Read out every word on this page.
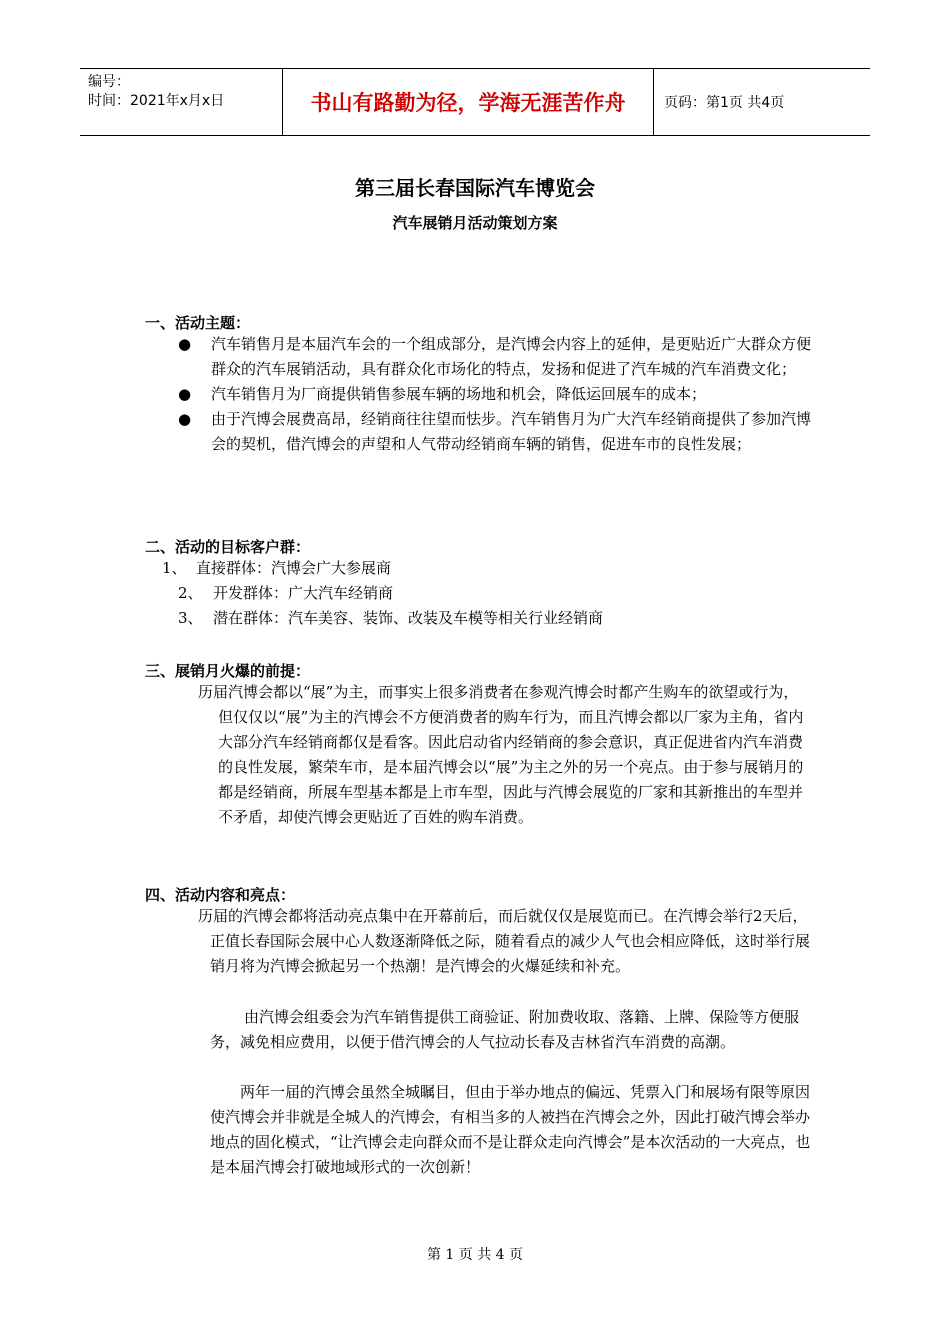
编号：
时间：2021年x月x日	书山有路勤为径，学海无涯苦作舟	页码：第1页 共4页
第三届长春国际汽车博览会
汽车展销月活动策划方案
一、活动主题：
●	汽车销售月是本届汽车会的一个组成部分，是汽博会内容上的延伸，是更贴近广大群众方便群众的汽车展销活动，具有群众化市场化的特点，发扬和促进了汽车城的汽车消费文化；
●	汽车销售月为厂商提供销售参展车辆的场地和机会，降低运回展车的成本；
●	由于汽博会展费高昂，经销商往往望而怯步。汽车销售月为广大汽车经销商提供了参加汽博会的契机，借汽博会的声望和人气带动经销商车辆的销售，促进车市的良性发展；
二、活动的目标客户群：
1、 直接群体：汽博会广大参展商
2、 开发群体：广大汽车经销商
3、 潜在群体：汽车美容、装饰、改装及车模等相关行业经销商
三、展销月火爆的前提：
历届汽博会都以“展”为主，而事实上很多消费者在参观汽博会时都产生购车的欲望或行为，但仅仅以“展”为主的汽博会不方便消费者的购车行为，而且汽博会都以厂家为主角，省内大部分汽车经销商都仅是看客。因此启动省内经销商的参会意识，真正促进省内汽车消费的良性发展，繁荣车市，是本届汽博会以“展”为主之外的另一个亮点。由于参与展销月的都是经销商，所展车型基本都是上市车型，因此与汽博会展览的厂家和其新推出的车型并不矛盾，却使汽博会更贴近了百姓的购车消费。
四、活动内容和亮点：
历届的汽博会都将活动亮点集中在开幕前后，而后就仅仅是展览而已。在汽博会举行2天后，正值长春国际会展中心人数逐渐降低之际，随着看点的减少人气也会相应降低，这时举行展销月将为汽博会掀起另一个热潮！是汽博会的火爆延续和补充。
由汽博会组委会为汽车销售提供工商验证、附加费收取、落籍、上牌、保险等方便服务，减免相应费用，以便于借汽博会的人气拉动长春及吉林省汽车消费的高潮。
两年一届的汽博会虽然全城瞩目，但由于举办地点的偏远、凭票入门和展场有限等原因使汽博会并非就是全城人的汽博会，有相当多的人被挡在汽博会之外，因此打破汽博会举办地点的固化模式，“让汽博会走向群众而不是让群众走向汽博会”是本次活动的一大亮点，也是本届汽博会打破地域形式的一次创新！
第 1 页 共 4 页
